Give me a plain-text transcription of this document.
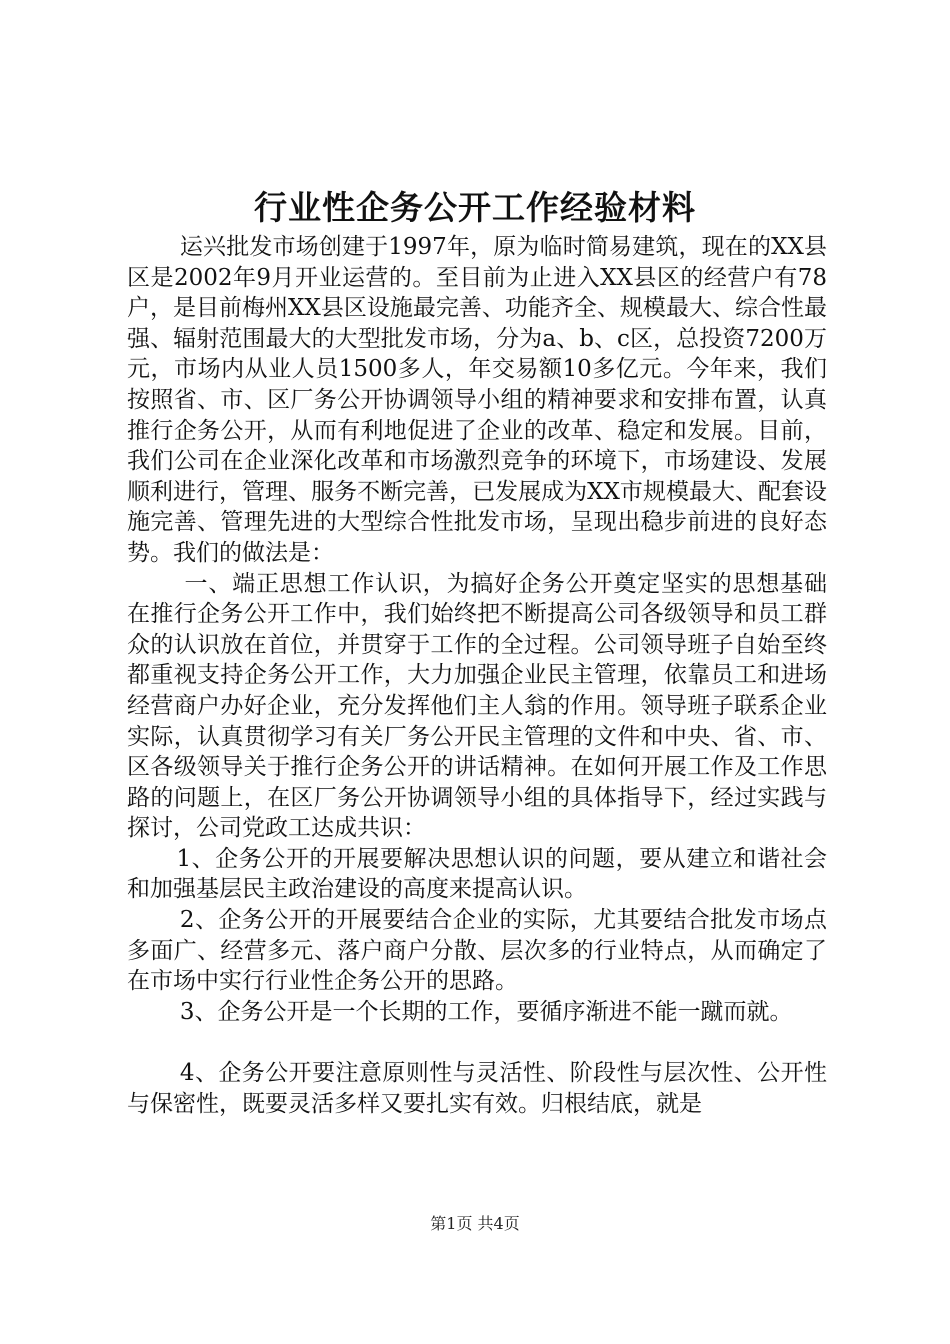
行业性企务公开工作经验材料

运兴批发市场创建于1997年，原为临时简易建筑，现在的XX县区是2002年9月开业运营的。至目前为止进入XX县区的经营户有78户，是目前梅州XX县区设施最完善、功能齐全、规模最大、综合性最强、辐射范围最大的大型批发市场，分为a、b、c区，总投资7200万元，市场内从业人员1500多人，年交易额10多亿元。今年来，我们按照省、市、区厂务公开协调领导小组的精神要求和安排布置，认真推行企务公开，从而有利地促进了企业的改革、稳定和发展。目前，我们公司在企业深化改革和市场激烈竞争的环境下，市场建设、发展顺利进行，管理、服务不断完善，已发展成为XX市规模最大、配套设施完善、管理先进的大型综合性批发市场，呈现出稳步前进的良好态势。我们的做法是：

一、端正思想工作认识，为搞好企务公开奠定坚实的思想基础在推行企务公开工作中，我们始终把不断提高公司各级领导和员工群众的认识放在首位，并贯穿于工作的全过程。公司领导班子自始至终都重视支持企务公开工作，大力加强企业民主管理，依靠员工和进场经营商户办好企业，充分发挥他们主人翁的作用。领导班子联系企业实际，认真贯彻学习有关厂务公开民主管理的文件和中央、省、市、区各级领导关于推行企务公开的讲话精神。在如何开展工作及工作思路的问题上，在区厂务公开协调领导小组的具体指导下，经过实践与探讨，公司党政工达成共识：

1、企务公开的开展要解决思想认识的问题，要从建立和谐社会和加强基层民主政治建设的高度来提高认识。

2、企务公开的开展要结合企业的实际，尤其要结合批发市场点多面广、经营多元、落户商户分散、层次多的行业特点，从而确定了在市场中实行行业性企务公开的思路。

3、企务公开是一个长期的工作，要循序渐进不能一蹴而就。

4、企务公开要注意原则性与灵活性、阶段性与层次性、公开性与保密性，既要灵活多样又要扎实有效。归根结底，就是

第1页 共4页
